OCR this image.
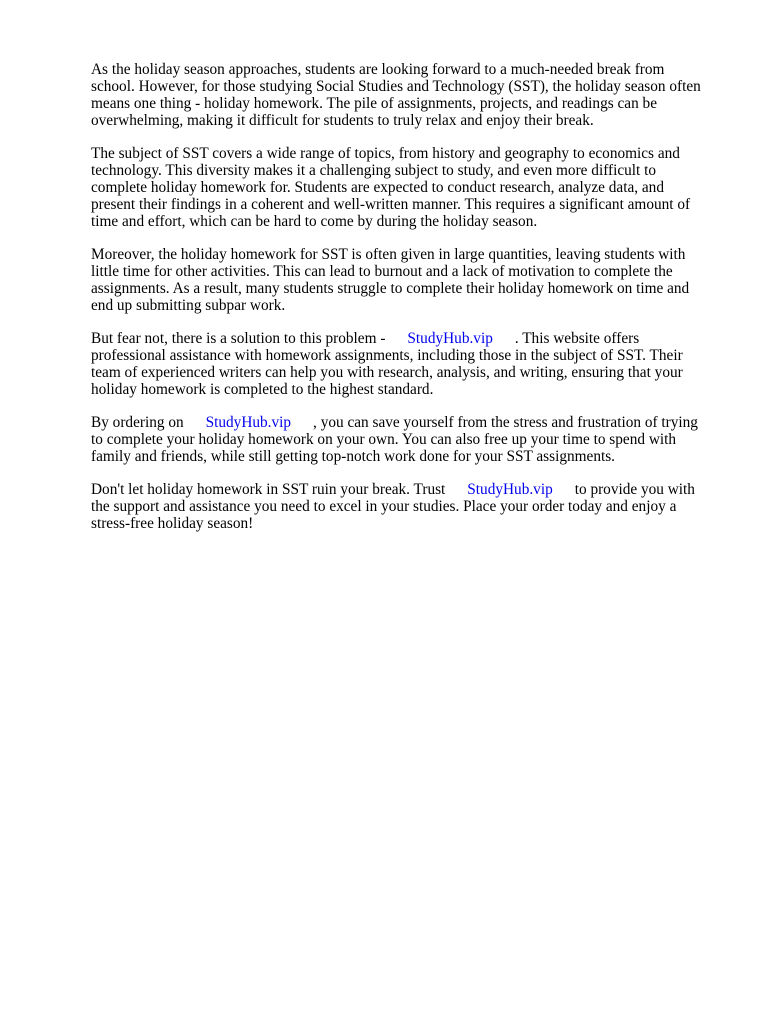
As the holiday season approaches, students are looking forward to a much-needed break from
school. However, for those studying Social Studies and Technology (SST), the holiday season often
means one thing - holiday homework. The pile of assignments, projects, and readings can be
overwhelming, making it difficult for students to truly relax and enjoy their break.

The subject of SST covers a wide range of topics, from history and geography to economics and
technology. This diversity makes it a challenging subject to study, and even more difficult to
complete holiday homework for. Students are expected to conduct research, analyze data, and
present their findings in a coherent and well-written manner. This requires a significant amount of
time and effort, which can be hard to come by during the holiday season.

Moreover, the holiday homework for SST is often given in large quantities, leaving students with
little time for other activities. This can lead to burnout and a lack of motivation to complete the
assignments. As a result, many students struggle to complete their holiday homework on time and
end up submitting subpar work.

But fear not, there is a solution to this problem - StudyHub.vip . This website offers
professional assistance with homework assignments, including those in the subject of SST. Their
team of experienced writers can help you with research, analysis, and writing, ensuring that your
holiday homework is completed to the highest standard.

By ordering on StudyHub.vip , you can save yourself from the stress and frustration of trying
to complete your holiday homework on your own. You can also free up your time to spend with
family and friends, while still getting top-notch work done for your SST assignments.

Don't let holiday homework in SST ruin your break. Trust StudyHub.vip to provide you with
the support and assistance you need to excel in your studies. Place your order today and enjoy a
stress-free holiday season!
